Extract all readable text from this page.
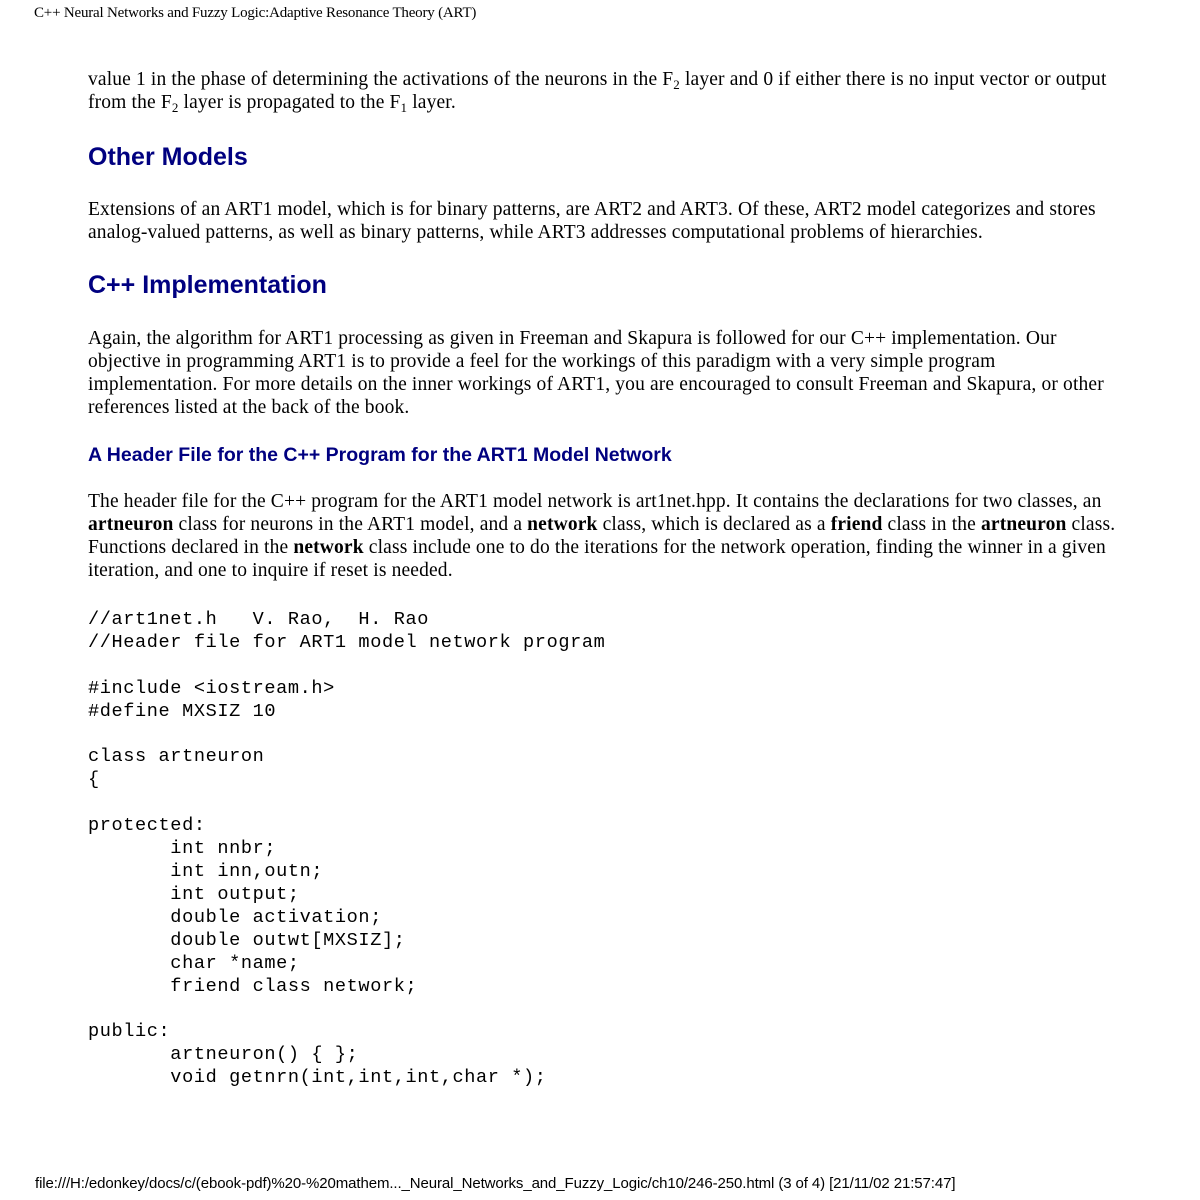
C++ Neural Networks and Fuzzy Logic:Adaptive Resonance Theory (ART)

value 1 in the phase of determining the activations of the neurons in the $F_2$ layer and 0 if either there is no input vector or output from the $F_2$ layer is propagated to the $F_1$ layer.

Other Models

Extensions of an ART1 model, which is for binary patterns, are ART2 and ART3. Of these, ART2 model categorizes and stores analog-valued patterns, as well as binary patterns, while ART3 addresses computational problems of hierarchies.

C++ Implementation

Again, the algorithm for ART1 processing as given in Freeman and Skapura is followed for our C++ implementation. Our objective in programming ART1 is to provide a feel for the workings of this paradigm with a very simple program implementation. For more details on the inner workings of ART1, you are encouraged to consult Freeman and Skapura, or other references listed at the back of the book.

A Header File for the C++ Program for the ART1 Model Network

The header file for the C++ program for the ART1 model network is art1net.hpp. It contains the declarations for two classes, an artneuron class for neurons in the ART1 model, and a network class, which is declared as a friend class in the artneuron class. Functions declared in the network class include one to do the iterations for the network operation, finding the winner in a given iteration, and one to inquire if reset is needed.

//art1net.h   V. Rao,  H. Rao
//Header file for ART1 model network program

#include <iostream.h>
#define MXSIZ 10

class artneuron
{

protected:
int nnbr;
int inn,outn;
int output;
double activation;
double outwt[MXSIZ];
char *name;
friend class network;

public:
artneuron() { };
void getnrn(int,int,int,char *);
file:///H:/edonkey/docs/c/(ebook-pdf)%20-%20mathem..._Neural_Networks_and_Fuzzy_Logic/ch10/246-250.html (3 of 4) [21/11/02 21:57:47]
